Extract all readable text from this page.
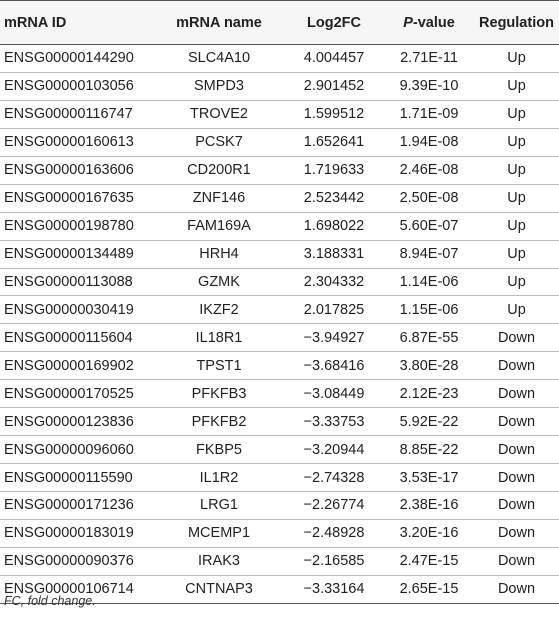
mRNA ID	mRNA name	Log2FC	P-value	Regulation
ENSG00000144290	SLC4A10	4.004457	2.71E-11	Up
ENSG00000103056	SMPD3	2.901452	9.39E-10	Up
ENSG00000116747	TROVE2	1.599512	1.71E-09	Up
ENSG00000160613	PCSK7	1.652641	1.94E-08	Up
ENSG00000163606	CD200R1	1.719633	2.46E-08	Up
ENSG00000167635	ZNF146	2.523442	2.50E-08	Up
ENSG00000198780	FAM169A	1.698022	5.60E-07	Up
ENSG00000134489	HRH4	3.188331	8.94E-07	Up
ENSG00000113088	GZMK	2.304332	1.14E-06	Up
ENSG00000030419	IKZF2	2.017825	1.15E-06	Up
ENSG00000115604	IL18R1	−3.94927	6.87E-55	Down
ENSG00000169902	TPST1	−3.68416	3.80E-28	Down
ENSG00000170525	PFKFB3	−3.08449	2.12E-23	Down
ENSG00000123836	PFKFB2	−3.33753	5.92E-22	Down
ENSG00000096060	FKBP5	−3.20944	8.85E-22	Down
ENSG00000115590	IL1R2	−2.74328	3.53E-17	Down
ENSG00000171236	LRG1	−2.26774	2.38E-16	Down
ENSG00000183019	MCEMP1	−2.48928	3.20E-16	Down
ENSG00000090376	IRAK3	−2.16585	2.47E-15	Down
ENSG00000106714	CNTNAP3	−3.33164	2.65E-15	Down
FC, fold change.
